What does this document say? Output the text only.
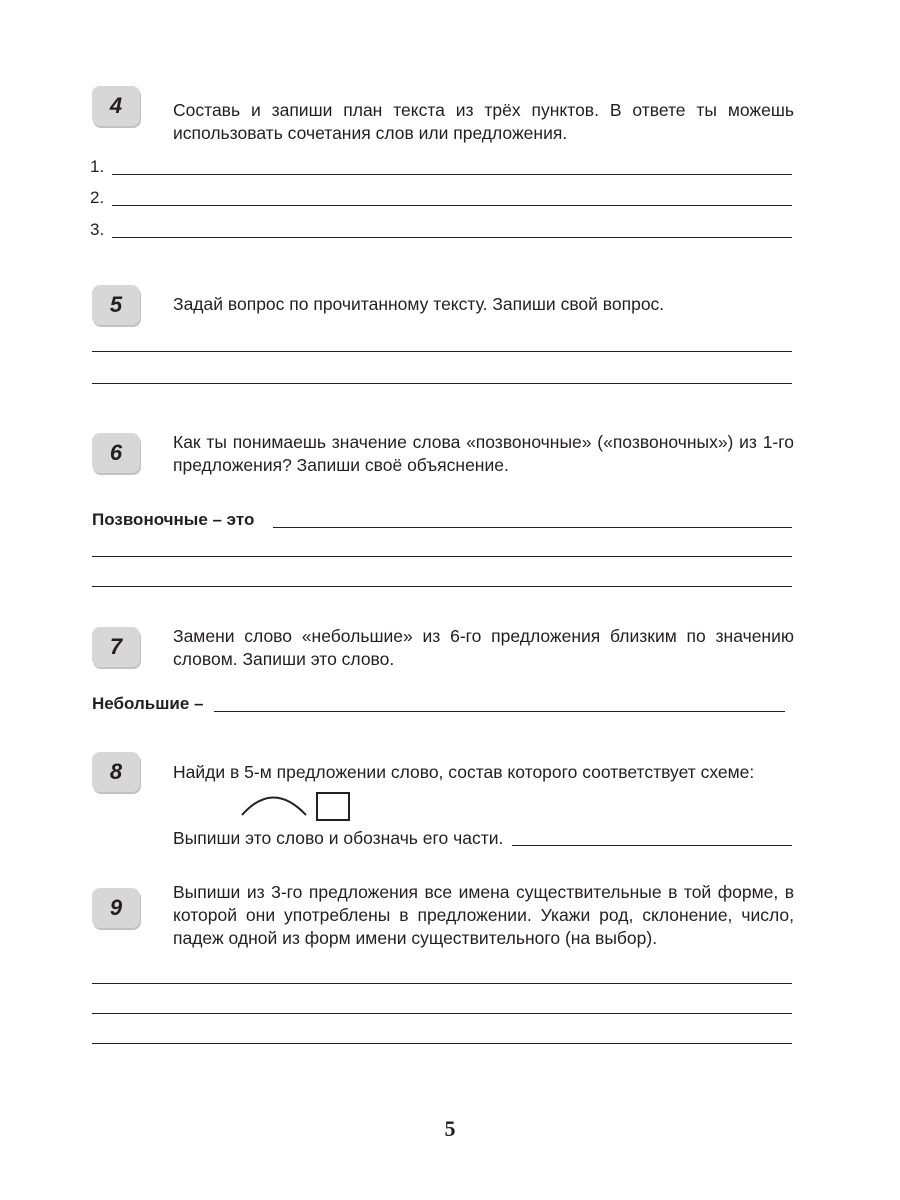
4	Составь и запиши план текста из трёх пунктов. В ответе ты можешь использовать сочетания слов или предложения.
1.
2.
3.
5	Задай вопрос по прочитанному тексту. Запиши свой вопрос.
6	Как ты понимаешь значение слова «позвоночные» («позвоночных») из 1-го предложения? Запиши своё объяснение.
Позвоночные – это
7	Замени слово «небольшие» из 6-го предложения близким по значению словом. Запиши это слово.
Небольшие –
8	Найди в 5-м предложении слово, состав которого соответствует схеме:
Выпиши это слово и обозначь его части.
9
Выпиши из 3-го предложения все имена существительные в той форме, в которой они употреблены в предложении. Укажи род, склонение, число, падеж одной из форм имени существительного (на выбор).
5
